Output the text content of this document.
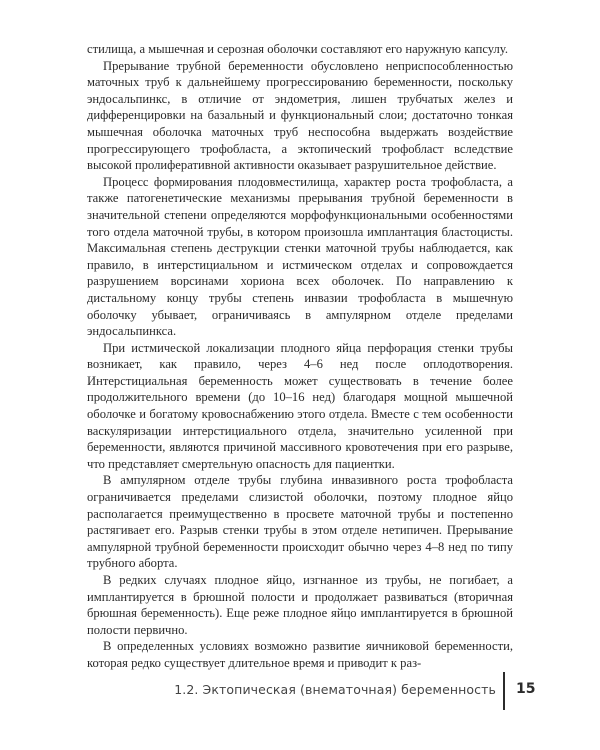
стилища, а мышечная и серозная оболочки составляют его наружную капсулу.

Прерывание трубной беременности обусловлено неприспособленностью маточных труб к дальнейшему прогрессированию беременности, поскольку эндосальпинкс, в отличие от эндометрия, лишен трубчатых желез и дифференцировки на базальный и функциональный слои; достаточно тонкая мышечная оболочка маточных труб неспособна выдержать воздействие прогрессирующего трофобласта, а эктопический трофобласт вследствие высокой пролиферативной активности оказывает разрушительное действие.

Процесс формирования плодовместилища, характер роста трофобласта, а также патогенетические механизмы прерывания трубной беременности в значительной степени определяются морфофункциональными особенностями того отдела маточной трубы, в котором произошла имплантация бластоцисты. Максимальная степень деструкции стенки маточной трубы наблюдается, как правило, в интерстициальном и истмическом отделах и сопровождается разрушением ворсинами хориона всех оболочек. По направлению к дистальному концу трубы степень инвазии трофобласта в мышечную оболочку убывает, ограничиваясь в ампулярном отделе пределами эндосальпинкса.

При истмической локализации плодного яйца перфорация стенки трубы возникает, как правило, через 4–6 нед после оплодотворения. Интерстициальная беременность может существовать в течение более продолжительного времени (до 10–16 нед) благодаря мощной мышечной оболочке и богатому кровоснабжению этого отдела. Вместе с тем особенности васкуляризации интерстициального отдела, значительно усиленной при беременности, являются причиной массивного кровотечения при его разрыве, что представляет смертельную опасность для пациентки.

В ампулярном отделе трубы глубина инвазивного роста трофобласта ограничивается пределами слизистой оболочки, поэтому плодное яйцо располагается преимущественно в просвете маточной трубы и постепенно растягивает его. Разрыв стенки трубы в этом отделе нетипичен. Прерывание ампулярной трубной беременности происходит обычно через 4–8 нед по типу трубного аборта.

В редких случаях плодное яйцо, изгнанное из трубы, не погибает, а имплантируется в брюшной полости и продолжает развиваться (вторичная брюшная беременность). Еще реже плодное яйцо имплантируется в брюшной полости первично.

В определенных условиях возможно развитие яичниковой беременности, которая редко существует длительное время и приводит к раз-

1.2. Эктопическая (внематочная) беременность 15
